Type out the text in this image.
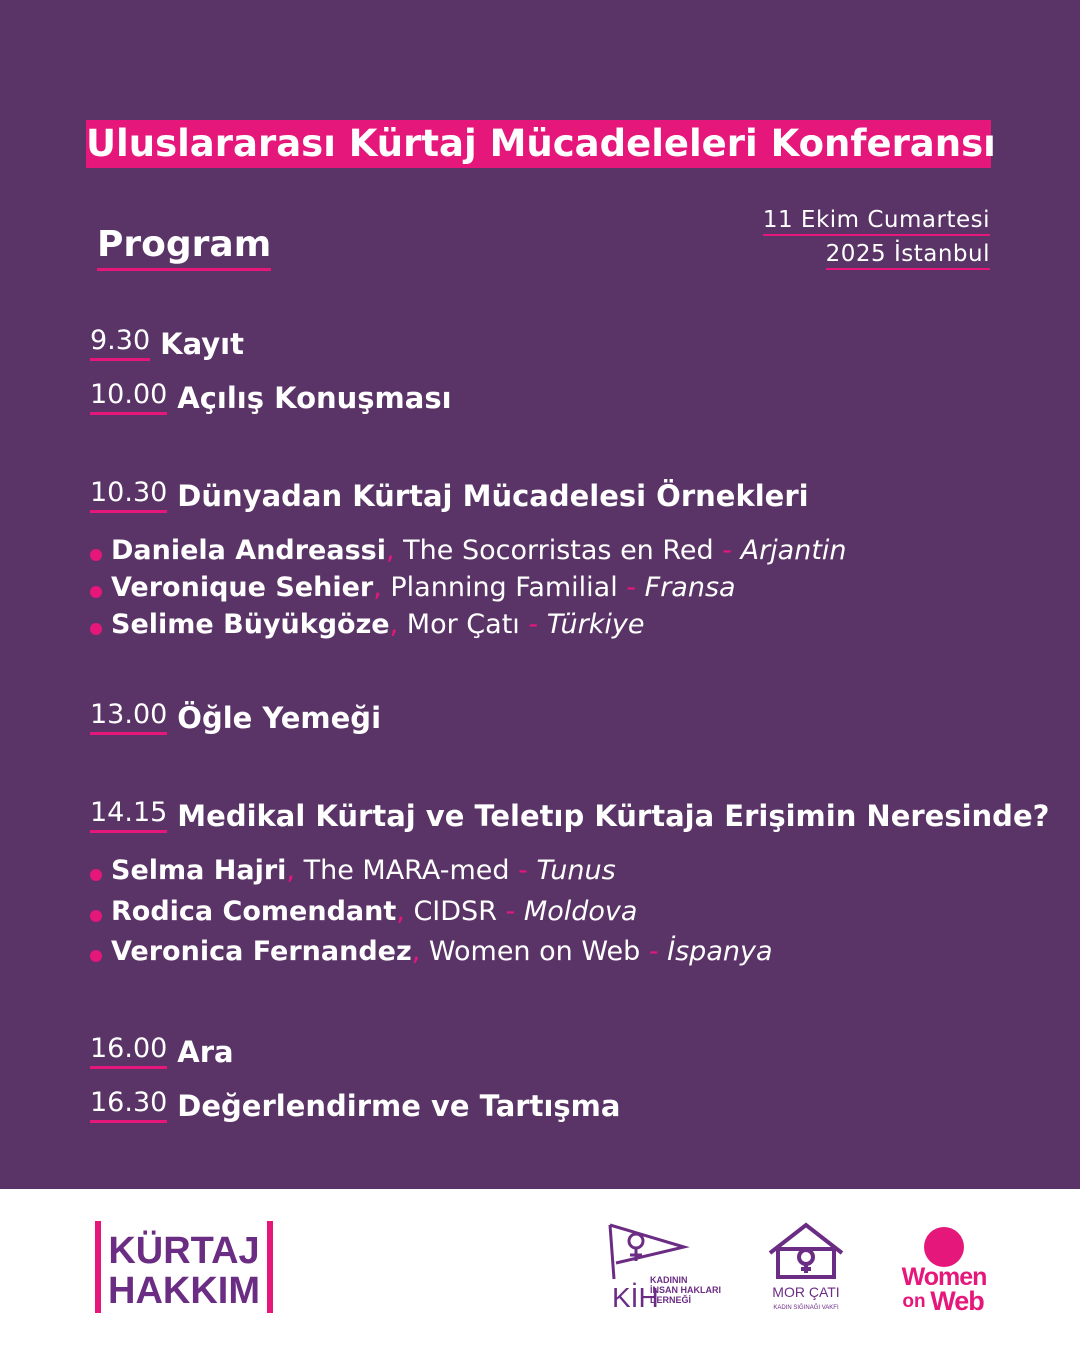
Uluslararası Kürtaj Mücadeleleri Konferansı
Program
11 Ekim Cumartesi
2025 İstanbul
9.30 Kayıt
10.00 Açılış Konuşması
10.30 Dünyadan Kürtaj Mücadelesi Örnekleri
Daniela Andreassi, The Socorristas en Red - Arjantin
Veronique Sehier, Planning Familial - Fransa
Selime Büyükgöze, Mor Çatı - Türkiye
13.00 Öğle Yemeği
14.15 Medikal Kürtaj ve Teletıp Kürtaja Erişimin Neresinde?
Selma Hajri, The MARA-med - Tunus
Rodica Comendant, CIDSR - Moldova
Veronica Fernandez, Women on Web - İspanya
16.00 Ara
16.30 Değerlendirme ve Tartışma
KÜRTAJ
HAKKIM	KİH
KADININ
İNSAN HAKLARI
DERNEĞİ	MOR ÇATI
KADIN SIĞINAĞI VAKFI
Women
on Web
